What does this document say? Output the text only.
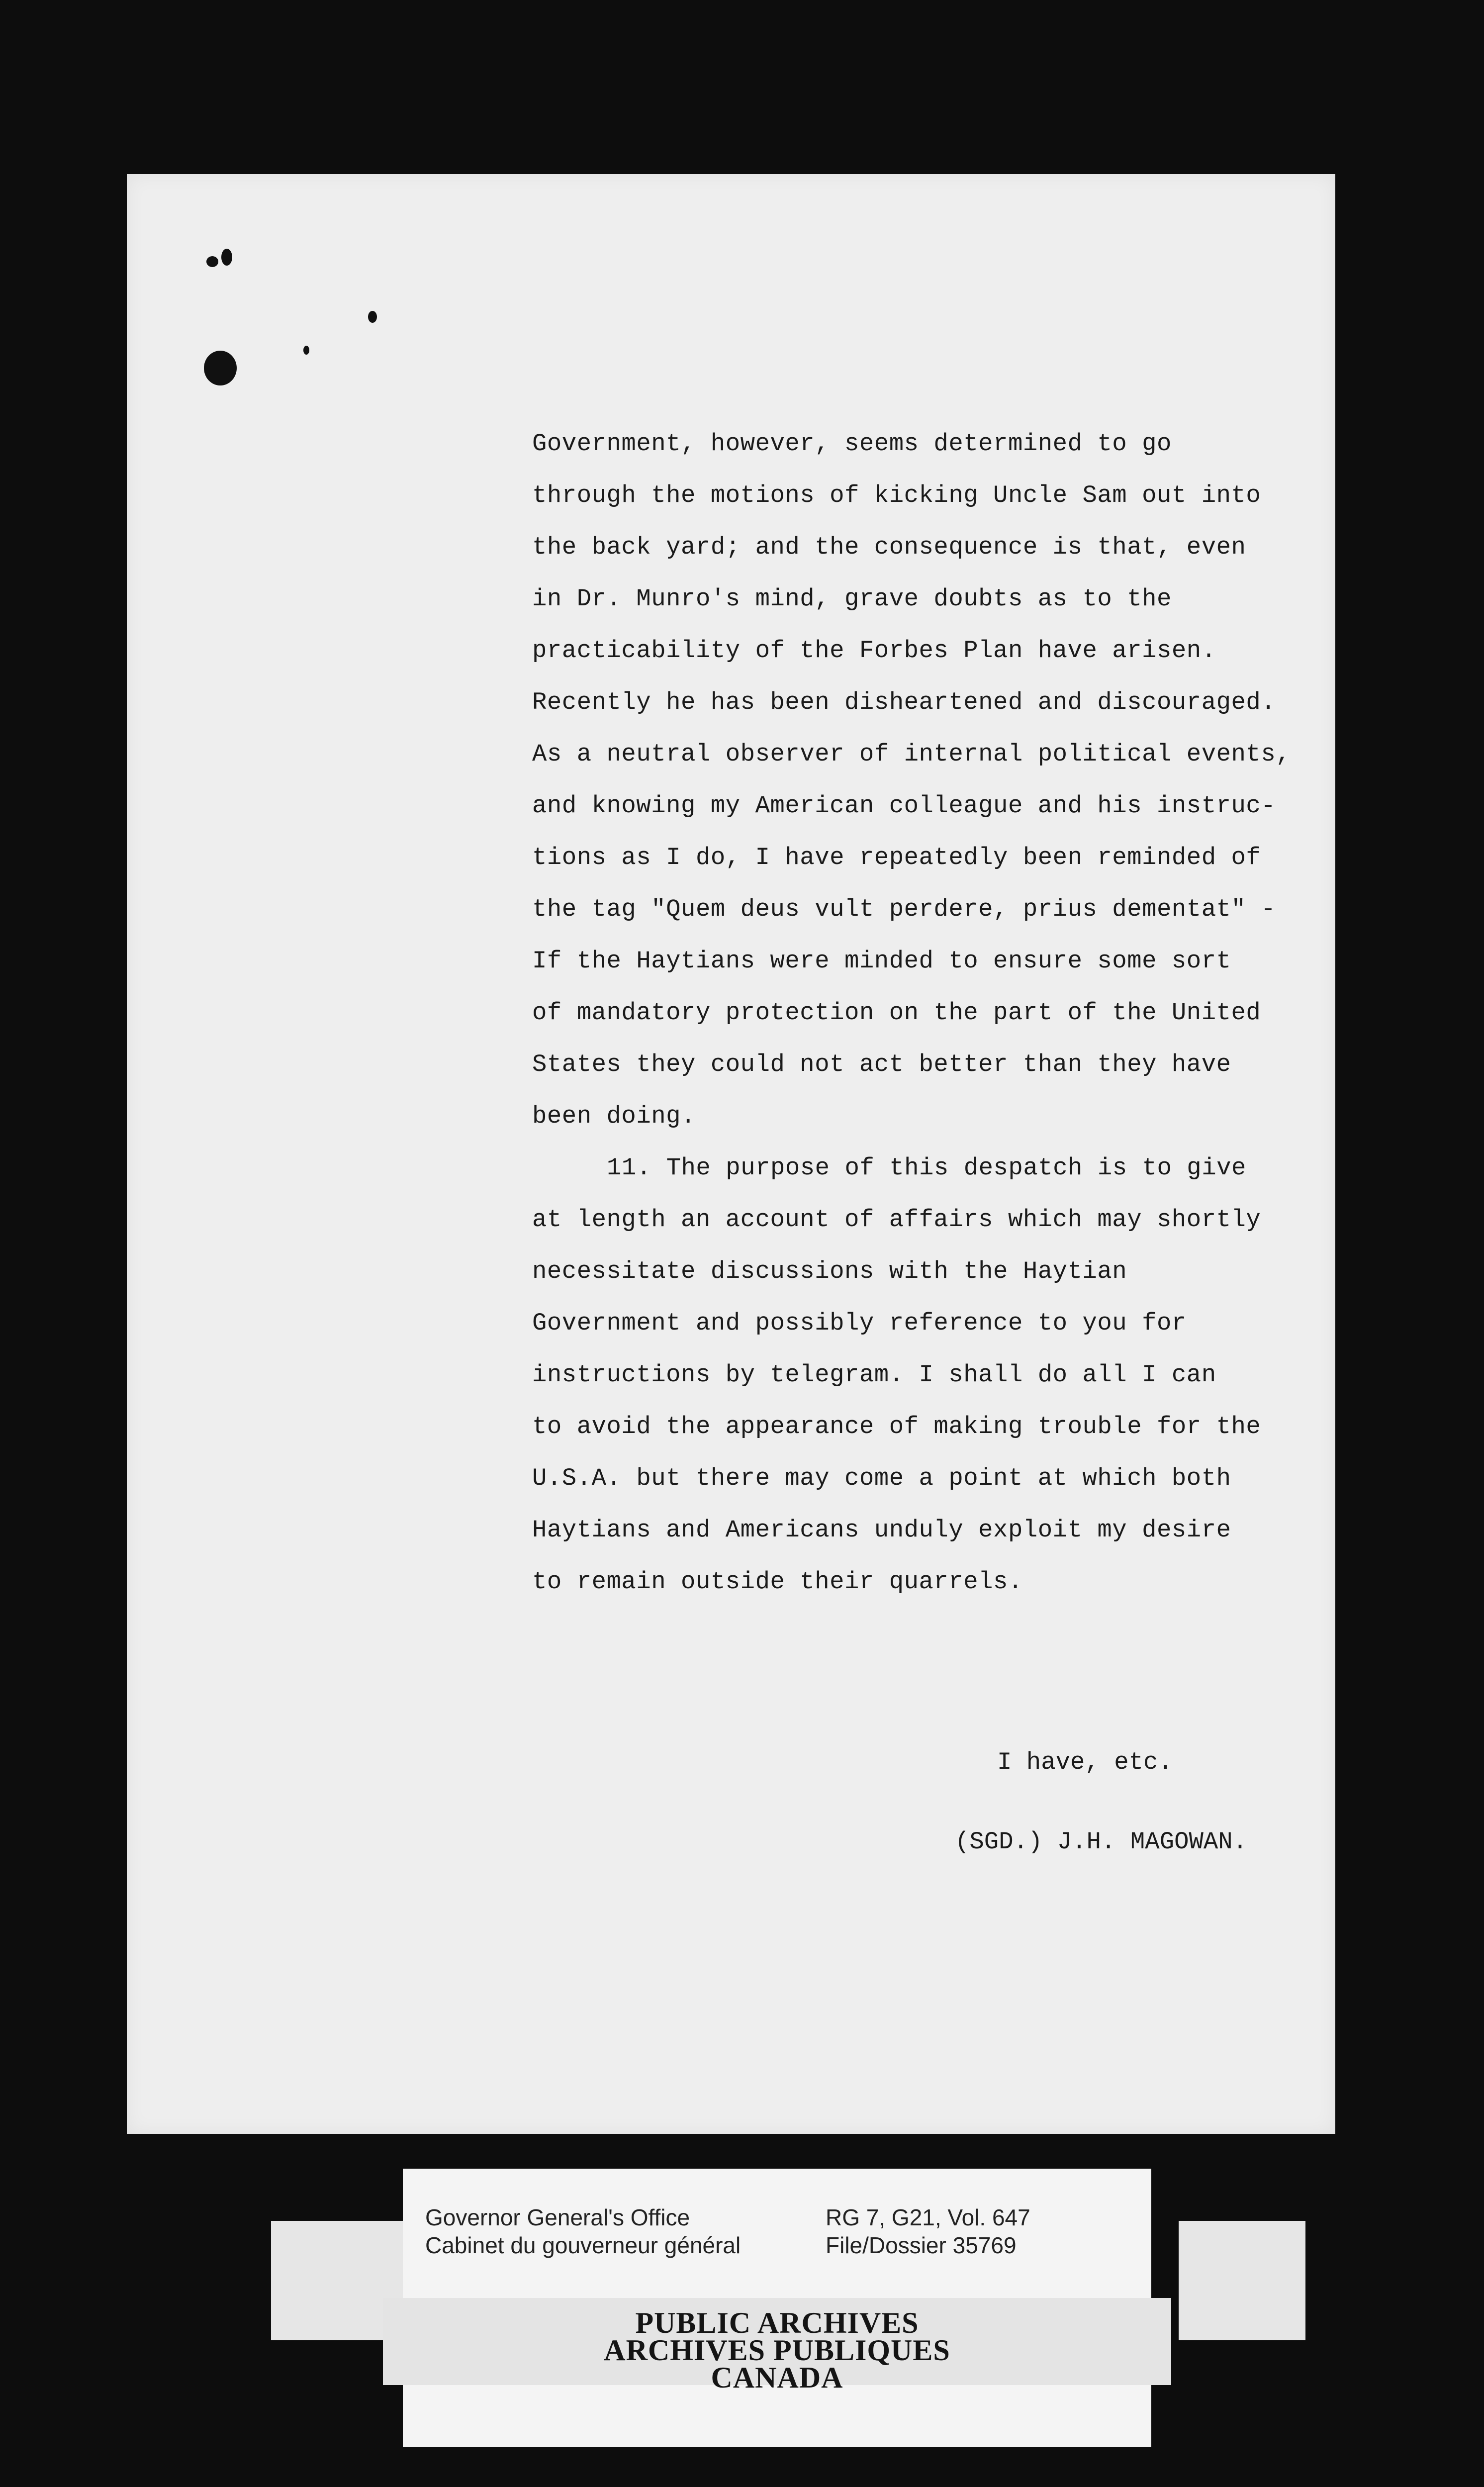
Government, however, seems determined to go
through the motions of kicking Uncle Sam out into
the back yard; and the consequence is that, even
in Dr. Munro's mind, grave doubts as to the
practicability of the Forbes Plan have arisen.
Recently he has been disheartened and discouraged.
As a neutral observer of internal political events,
and knowing my American colleague and his instruc-
tions as I do, I have repeatedly been reminded of
the tag "Quem deus vult perdere, prius dementat" -
If the Haytians were minded to ensure some sort
of mandatory protection on the part of the United
States they could not act better than they have
been doing.
11. The purpose of this despatch is to give
at length an account of affairs which may shortly
necessitate discussions with the Haytian
Government and possibly reference to you for
instructions by telegram. I shall do all I can
to avoid the appearance of making trouble for the
U.S.A. but there may come a point at which both
Haytians and Americans unduly exploit my desire
to remain outside their quarrels.
I have, etc.
(SGD.) J.H. MAGOWAN.
Governor General's Office
Cabinet du gouverneur général
RG 7, G21, Vol. 647
File/Dossier 35769
PUBLIC ARCHIVES
ARCHIVES PUBLIQUES
CANADA
